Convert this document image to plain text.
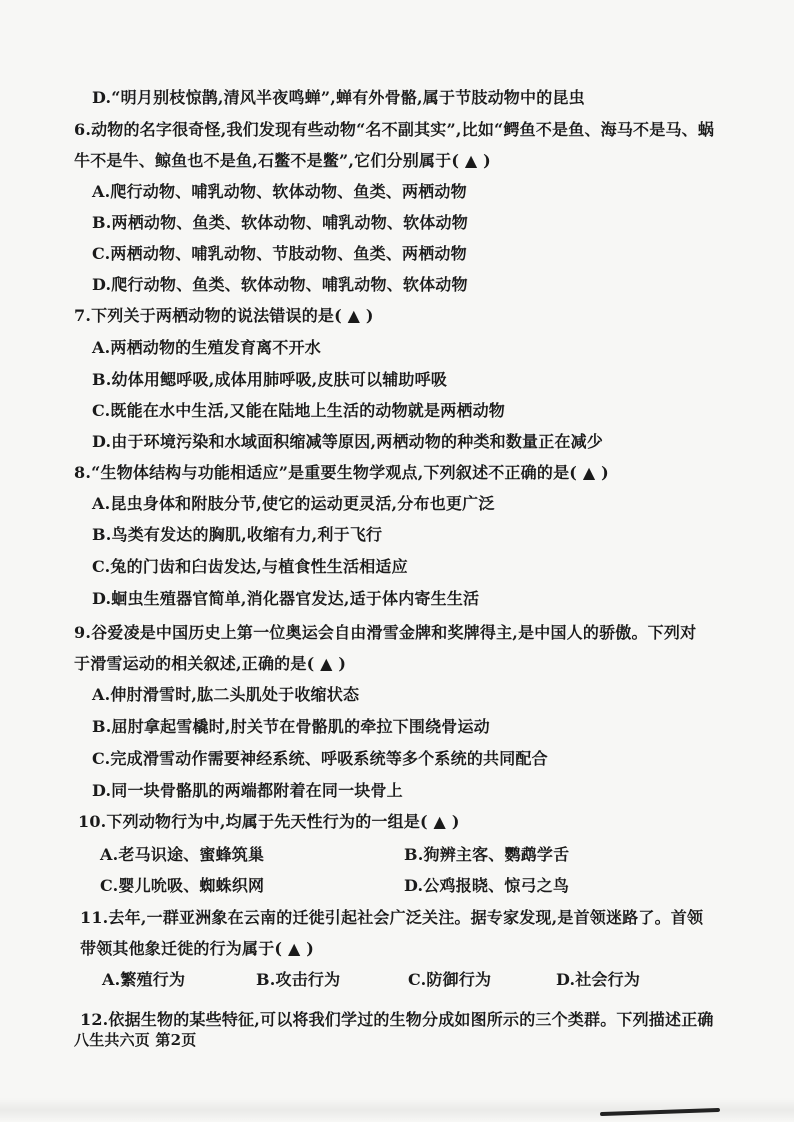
D.“明月别枝惊鹊,清风半夜鸣蝉”,蝉有外骨骼,属于节肢动物中的昆虫
6.动物的名字很奇怪,我们发现有些动物“名不副其实”,比如“鳄鱼不是鱼、海马不是马、蜗
牛不是牛、鲸鱼也不是鱼,石鳖不是鳖”,它们分别属于( ▲ )
A.爬行动物、哺乳动物、软体动物、鱼类、两栖动物
B.两栖动物、鱼类、软体动物、哺乳动物、软体动物
C.两栖动物、哺乳动物、节肢动物、鱼类、两栖动物
D.爬行动物、鱼类、软体动物、哺乳动物、软体动物
7.下列关于两栖动物的说法错误的是( ▲ )
A.两栖动物的生殖发育离不开水
B.幼体用鳃呼吸,成体用肺呼吸,皮肤可以辅助呼吸
C.既能在水中生活,又能在陆地上生活的动物就是两栖动物
D.由于环境污染和水域面积缩减等原因,两栖动物的种类和数量正在减少
8.“生物体结构与功能相适应”是重要生物学观点,下列叙述不正确的是( ▲ )
A.昆虫身体和附肢分节,使它的运动更灵活,分布也更广泛
B.鸟类有发达的胸肌,收缩有力,利于飞行
C.兔的门齿和臼齿发达,与植食性生活相适应
D.蛔虫生殖器官简单,消化器官发达,适于体内寄生生活
9.谷爱凌是中国历史上第一位奥运会自由滑雪金牌和奖牌得主,是中国人的骄傲。下列对
于滑雪运动的相关叙述,正确的是( ▲ )
A.伸肘滑雪时,肱二头肌处于收缩状态
B.屈肘拿起雪橇时,肘关节在骨骼肌的牵拉下围绕骨运动
C.完成滑雪动作需要神经系统、呼吸系统等多个系统的共同配合
D.同一块骨骼肌的两端都附着在同一块骨上
10.下列动物行为中,均属于先天性行为的一组是( ▲ )
A.老马识途、蜜蜂筑巢	B.狗辨主客、鹦鹉学舌
C.婴儿吮吸、蜘蛛织网	D.公鸡报晓、惊弓之鸟
11.去年,一群亚洲象在云南的迁徙引起社会广泛关注。据专家发现,是首领迷路了。首领
带领其他象迁徙的行为属于( ▲ )
A.繁殖行为	B.攻击行为	C.防御行为	D.社会行为
12.依据生物的某些特征,可以将我们学过的生物分成如图所示的三个类群。下列描述正确
八生共六页 第2页
